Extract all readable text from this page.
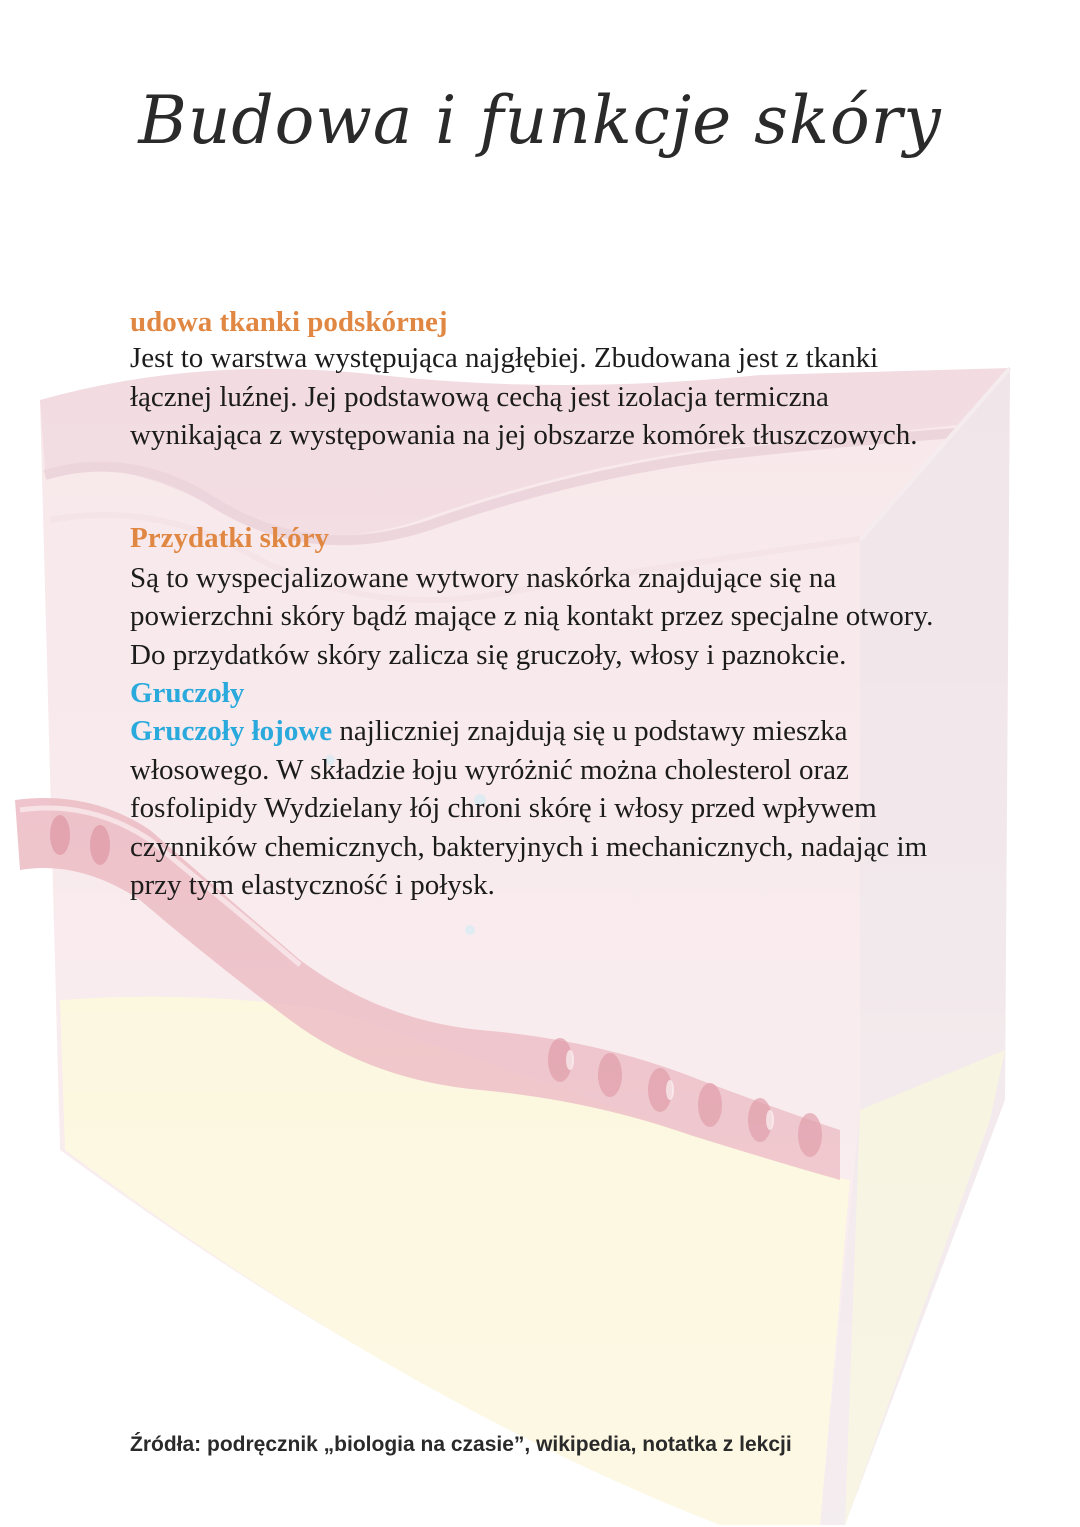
Budowa i funkcje skóry
udowa tkanki podskórnej

Jest to warstwa występująca najgłębiej. Zbudowana jest z tkanki łącznej luźnej. Jej podstawową cechą jest izolacja termiczna wynikająca z występowania na jej obszarze komórek tłuszczowych.

Przydatki skóry

Są to wyspecjalizowane wytwory naskórka znajdujące się na powierzchni skóry bądź mające z nią kontakt przez specjalne otwory. Do przydatków skóry zalicza się gruczoły, włosy i paznokcie.

Gruczoły

Gruczoły łojowe najliczniej znajdują się u podstawy mieszka włosowego. W składzie łoju wyróżnić można cholesterol oraz fosfolipidy Wydzielany łój chroni skórę i włosy przed wpływem czynników chemicznych, bakteryjnych i mechanicznych, nadając im przy tym elastyczność i połysk.

Źródła: podręcznik „biologia na czasie”, wikipedia, notatka z lekcji
